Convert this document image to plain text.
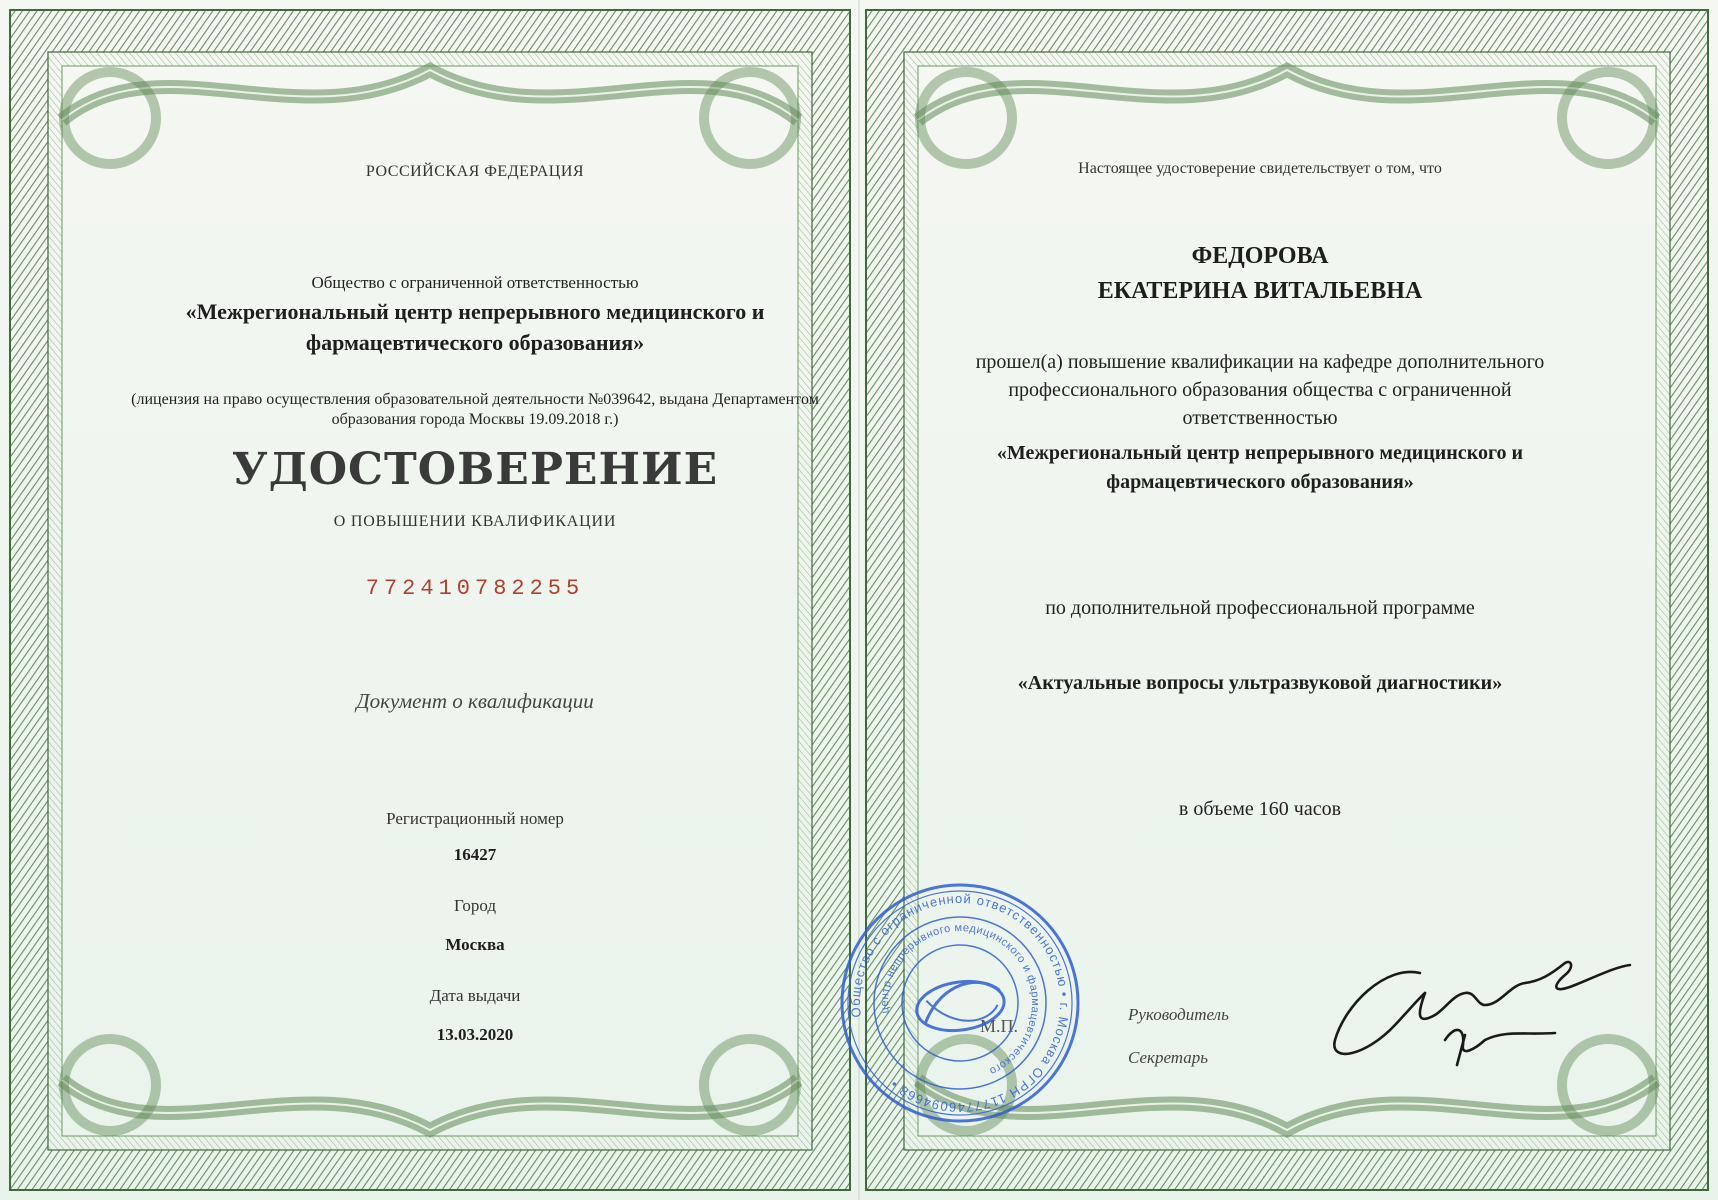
РОССИЙСКАЯ ФЕДЕРАЦИЯ
Общество с ограниченной ответственностью
«Межрегиональный центр непрерывного медицинского и фармацевтического образования»
(лицензия на право осуществления образовательной деятельности №039642, выдана Департаментом образования города Москвы 19.09.2018 г.)
УДОСТОВЕРЕНИЕ
О ПОВЫШЕНИИ КВАЛИФИКАЦИИ
772410782255
Документ о квалификации
Регистрационный номер
16427
Город
Москва
Дата выдачи
13.03.2020
Настоящее удостоверение свидетельствует о том, что
ФЕДОРОВА
ЕКАТЕРИНА ВИТАЛЬЕВНА
прошел(а) повышение квалификации на кафедре дополнительного профессионального образования общества с ограниченной ответственностью
«Межрегиональный центр непрерывного медицинского и фармацевтического образования»
по дополнительной профессиональной программе
«Актуальные вопросы ультразвуковой диагностики»
в объеме 160 часов
М.П.
Руководитель
Секретарь
Общество с ограниченной ответственностью • г. Москва ОГРН 1177746094668 •
центр непрерывного медицинского и фармацевтического
